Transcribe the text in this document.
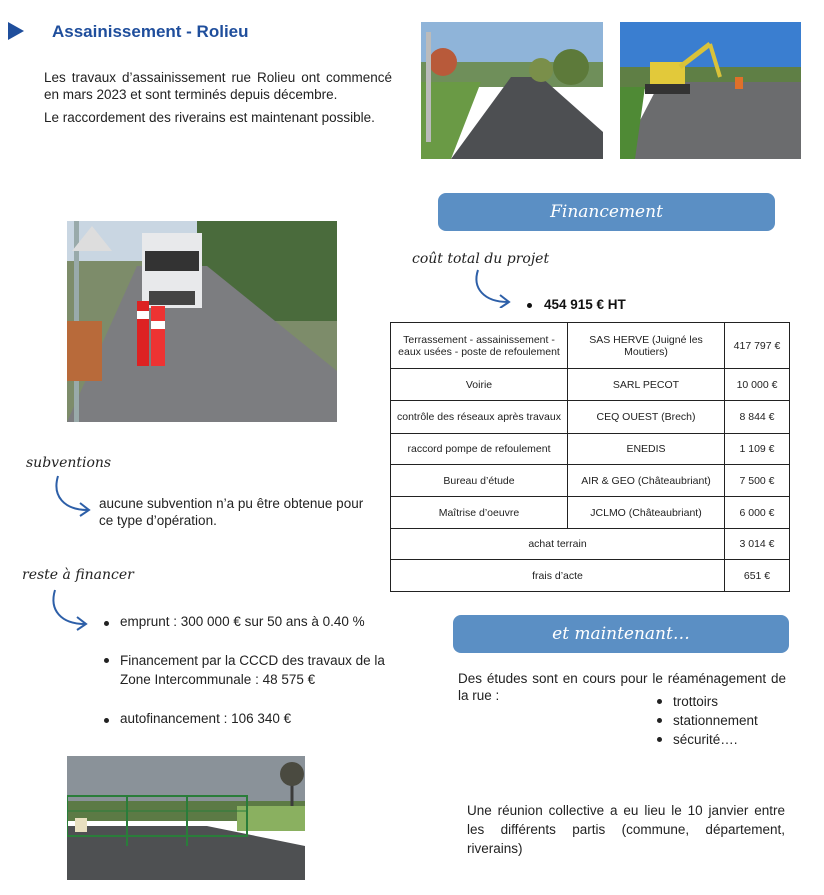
Assainissement - Rolieu

Les travaux d’assainissement rue Rolieu ont commencé en mars 2023 et sont terminés depuis décembre.

Le raccordement des riverains est maintenant possible.

Financement
coût total du projet
454 915 € HT
Terrassement - assainissement -eaux usées - poste de refoulement	SAS HERVE (Juigné les Moutiers)	417 797 €
Voirie	SARL PECOT	10 000 €
contrôle des réseaux après travaux	CEQ OUEST (Brech)	8 844 €
raccord pompe de refoulement	ENEDIS	1 109 €
Bureau d’étude	AIR & GEO (Châteaubriant)	7 500 €
Maîtrise d’oeuvre	JCLMO (Châteaubriant)	6 000 €
achat terrain		3 014 €
frais d’acte		651 €
subventions
aucune subvention n’a pu être obtenue pour ce type d’opération.
reste à financer
emprunt : 300 000 € sur 50 ans à 0.40 %
Financement par la CCCD des travaux de la Zone Intercommunale : 48 575 €
autofinancement : 106 340 €
et maintenant…
Des études sont en cours pour le réaménagement de la rue :	trottoirs
stationnement
sécurité….
Une réunion collective a eu lieu le 10 janvier entre les différents partis (commune, département, riverains)
